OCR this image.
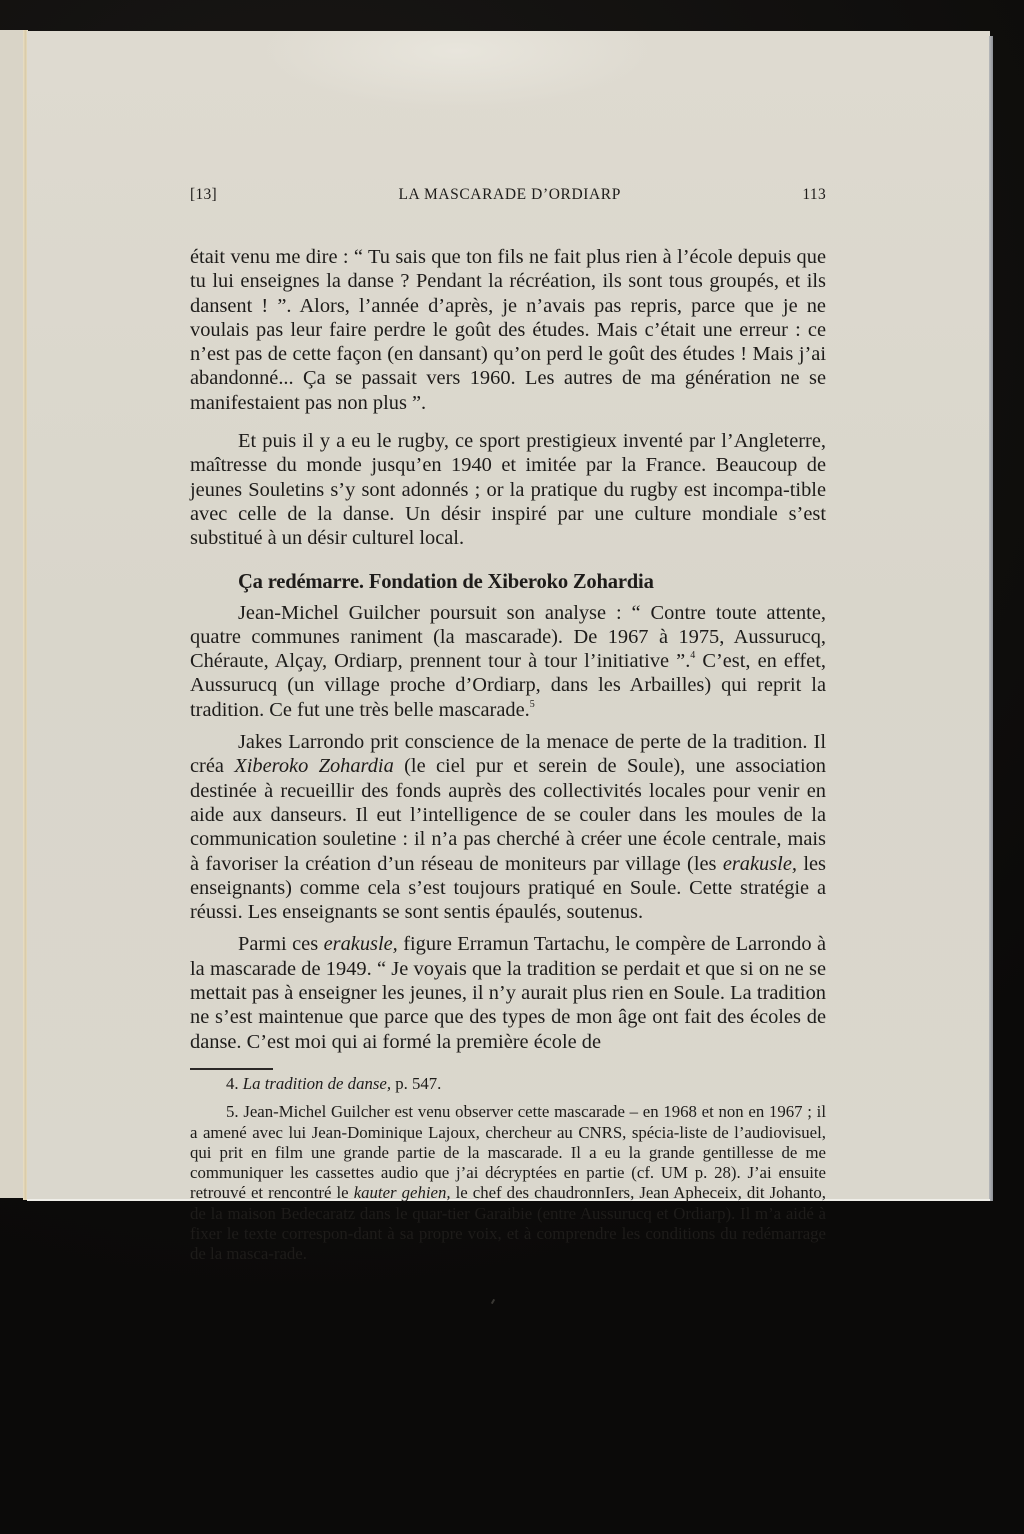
[13]	LA MASCARADE D’ORDIARP	113

était venu me dire : “ Tu sais que ton fils ne fait plus rien à l’école depuis que tu lui enseignes la danse ? Pendant la récréation, ils sont tous groupés, et ils dansent ! ”. Alors, l’année d’après, je n’avais pas repris, parce que je ne voulais pas leur faire perdre le goût des études. Mais c’était une erreur : ce n’est pas de cette façon (en dansant) qu’on perd le goût des études ! Mais j’ai abandonné... Ça se passait vers 1960. Les autres de ma génération ne se manifestaient pas non plus ”.

Et puis il y a eu le rugby, ce sport prestigieux inventé par l’Angleterre, maîtresse du monde jusqu’en 1940 et imitée par la France. Beaucoup de jeunes Souletins s’y sont adonnés ; or la pratique du rugby est incompa-tible avec celle de la danse. Un désir inspiré par une culture mondiale s’est substitué à un désir culturel local.

Ça redémarre. Fondation de Xiberoko Zohardia

Jean-Michel Guilcher poursuit son analyse : “ Contre toute attente, quatre communes raniment (la mascarade). De 1967 à 1975, Aussurucq, Chéraute, Alçay, Ordiarp, prennent tour à tour l’initiative ”.$^4$ C’est, en effet, Aussurucq (un village proche d’Ordiarp, dans les Arbailles) qui reprit la tradition. Ce fut une très belle mascarade.$^5$

Jakes Larrondo prit conscience de la menace de perte de la tradition. Il créa Xiberoko Zohardia (le ciel pur et serein de Soule), une association destinée à recueillir des fonds auprès des collectivités locales pour venir en aide aux danseurs. Il eut l’intelligence de se couler dans les moules de la communication souletine : il n’a pas cherché à créer une école centrale, mais à favoriser la création d’un réseau de moniteurs par village (les erakusle, les enseignants) comme cela s’est toujours pratiqué en Soule. Cette stratégie a réussi. Les enseignants se sont sentis épaulés, soutenus.

Parmi ces erakusle, figure Erramun Tartachu, le compère de Larrondo à la mascarade de 1949. “ Je voyais que la tradition se perdait et que si on ne se mettait pas à enseigner les jeunes, il n’y aurait plus rien en Soule. La tradition ne s’est maintenue que parce que des types de mon âge ont fait des écoles de danse. C’est moi qui ai formé la première école de

4. La tradition de danse, p. 547.

5. Jean-Michel Guilcher est venu observer cette mascarade – en 1968 et non en 1967 ; il a amené avec lui Jean-Dominique Lajoux, chercheur au CNRS, spécia-liste de l’audiovisuel, qui prit en film une grande partie de la mascarade. Il a eu la grande gentillesse de me communiquer les cassettes audio que j’ai décryptées en partie (cf. UM p. 28). J’ai ensuite retrouvé et rencontré le kauter gehien, le chef des chaudronnIers, Jean Apheceix, dit Johanto, de la maison Bedecaratz dans le quar-tier Garaibie (entre Aussurucq et Ordiarp). Il m’a aidé à fixer le texte correspon-dant à sa propre voix, et à comprendre les conditions du redémarrage de la masca-rade.
